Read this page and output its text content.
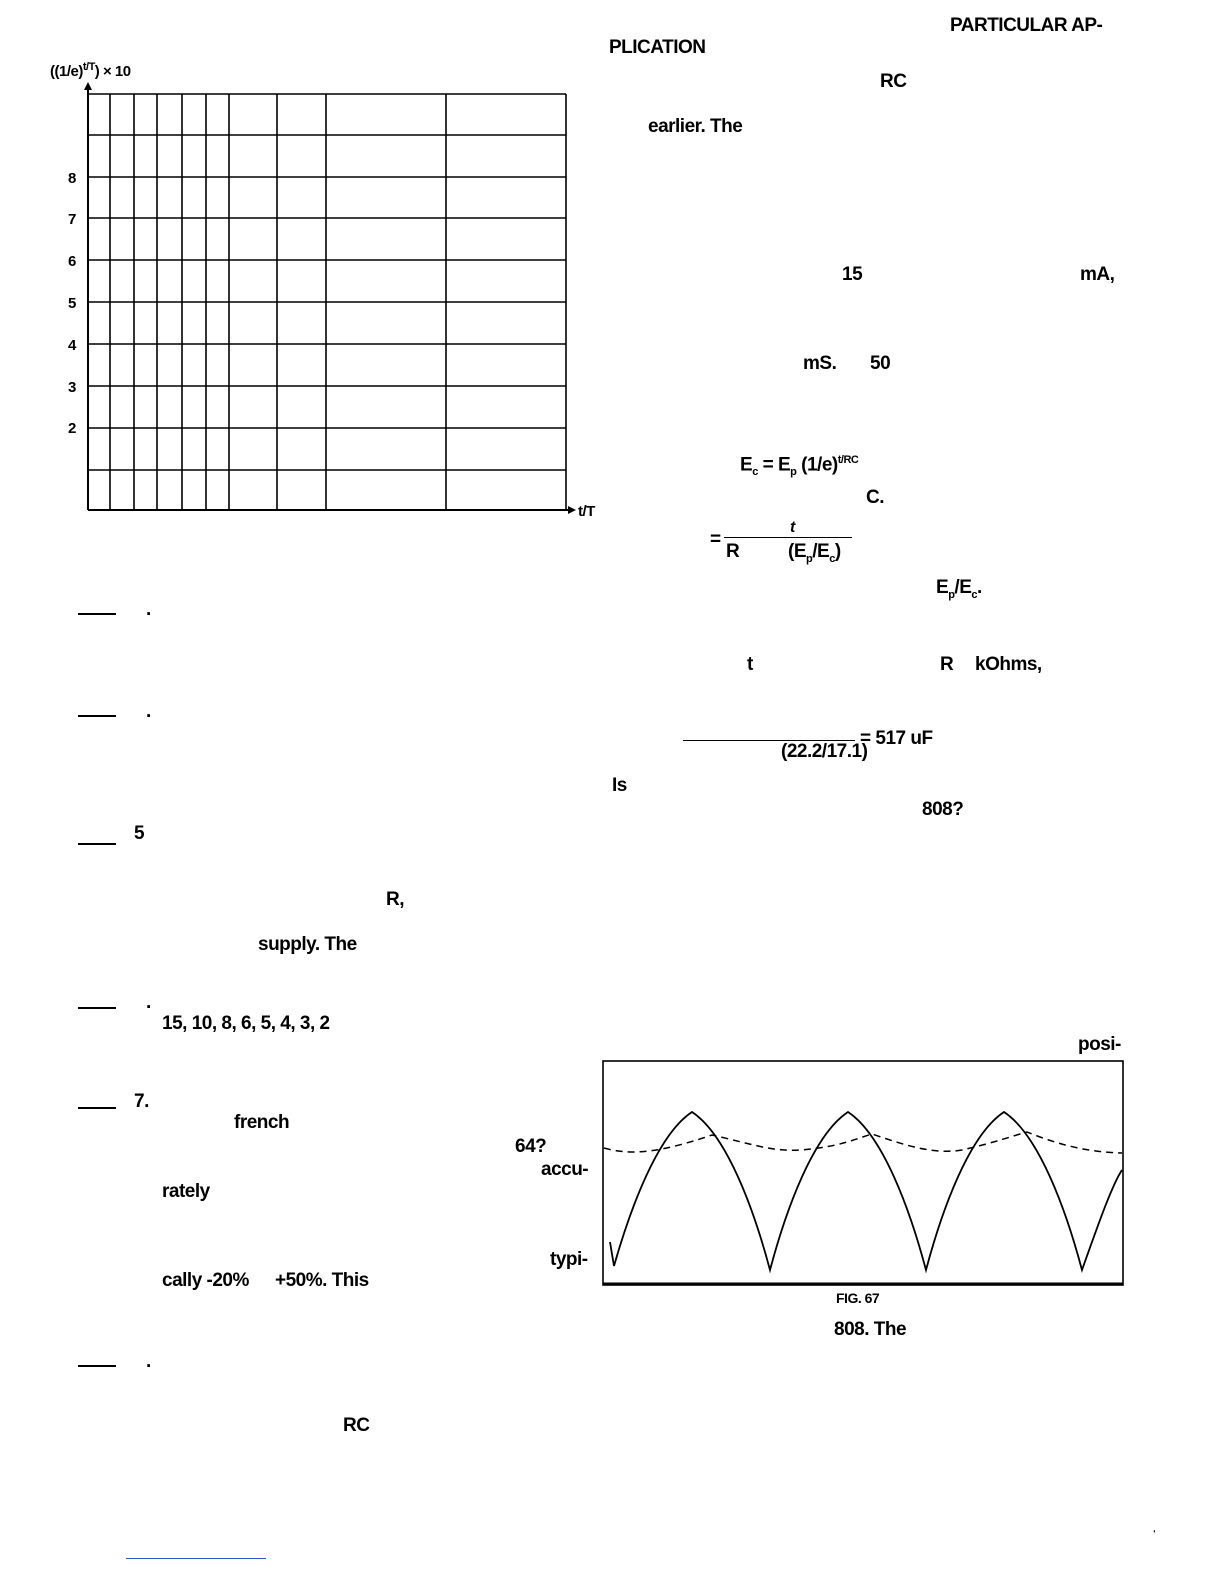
PARTICULAR AP-
PLICATION
$((1/e)^{t/T}) \times 10$
8
7
6
5
4
3
2
t/T
.
.
5
R,
supply. The
.
15, 10, 8, 6, 5, 4, 3, 2
7.
french
rately
cally -20% +50%. This
.
RC
64?
accu-
typi-
RC
earlier. The
15	mA,
mS. 50
$E_c = E_p$ $(1/e)^{t/RC}$
C.
t
=
R	$(E_p/E_c)$
$E_p/E_c$.
t	R kOhms,
(22.2/17.1)
= 517 uF
Is
808?
posi-
FIG. 67
808. The
ˈ
